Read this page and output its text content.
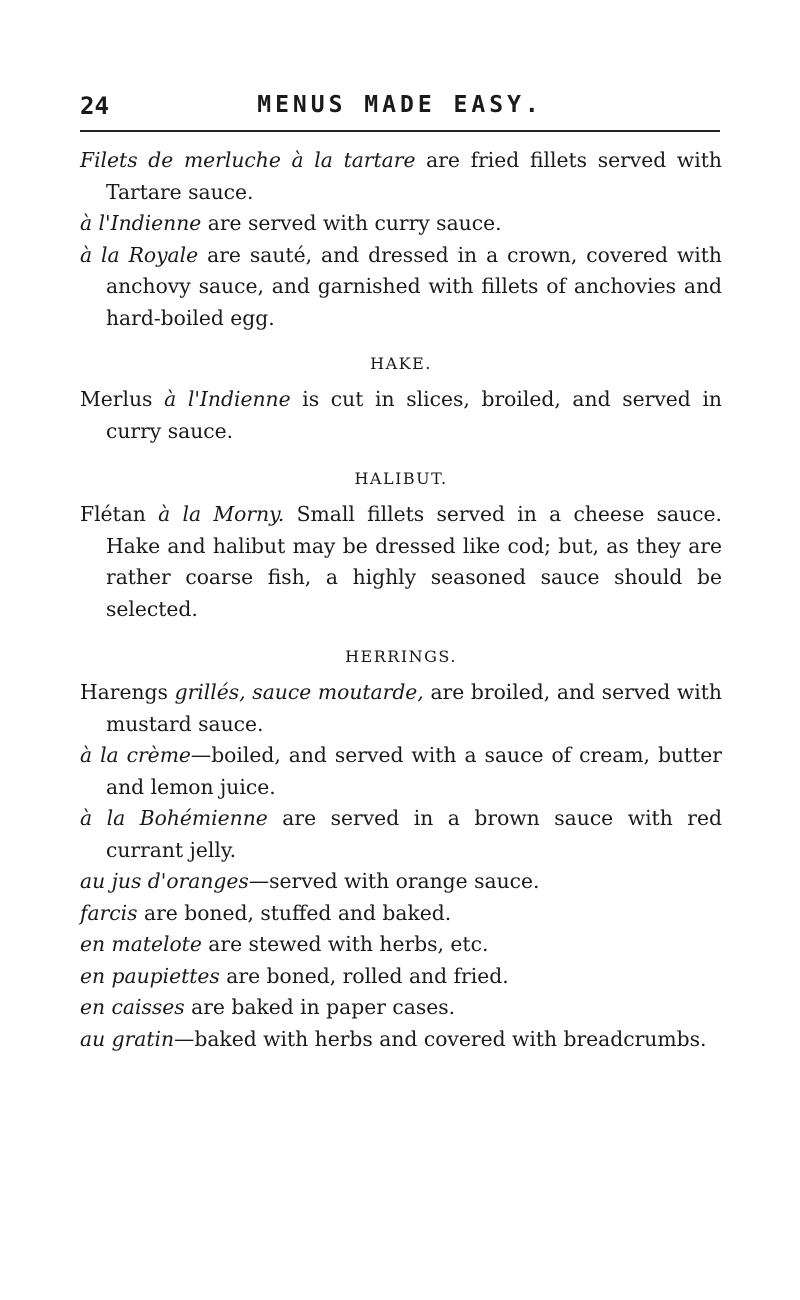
24	MENUS MADE EASY.

Filets de merluche à la tartare are fried fillets served with Tartare sauce.

à l'Indienne are served with curry sauce.

à la Royale are sauté, and dressed in a crown, covered with anchovy sauce, and garnished with fillets of anchovies and hard-boiled egg.

HAKE.

Merlus à l'Indienne is cut in slices, broiled, and served in curry sauce.

HALIBUT.

Flétan à la Morny. Small fillets served in a cheese sauce. Hake and halibut may be dressed like cod; but, as they are rather coarse fish, a highly seasoned sauce should be selected.

HERRINGS.

Harengs grillés, sauce moutarde, are broiled, and served with mustard sauce.

à la crème—boiled, and served with a sauce of cream, butter and lemon juice.

à la Bohémienne are served in a brown sauce with red currant jelly.

au jus d'oranges—served with orange sauce.

farcis are boned, stuffed and baked.

en matelote are stewed with herbs, etc.

en paupiettes are boned, rolled and fried.

en caisses are baked in paper cases.

au gratin—baked with herbs and covered with breadcrumbs.
